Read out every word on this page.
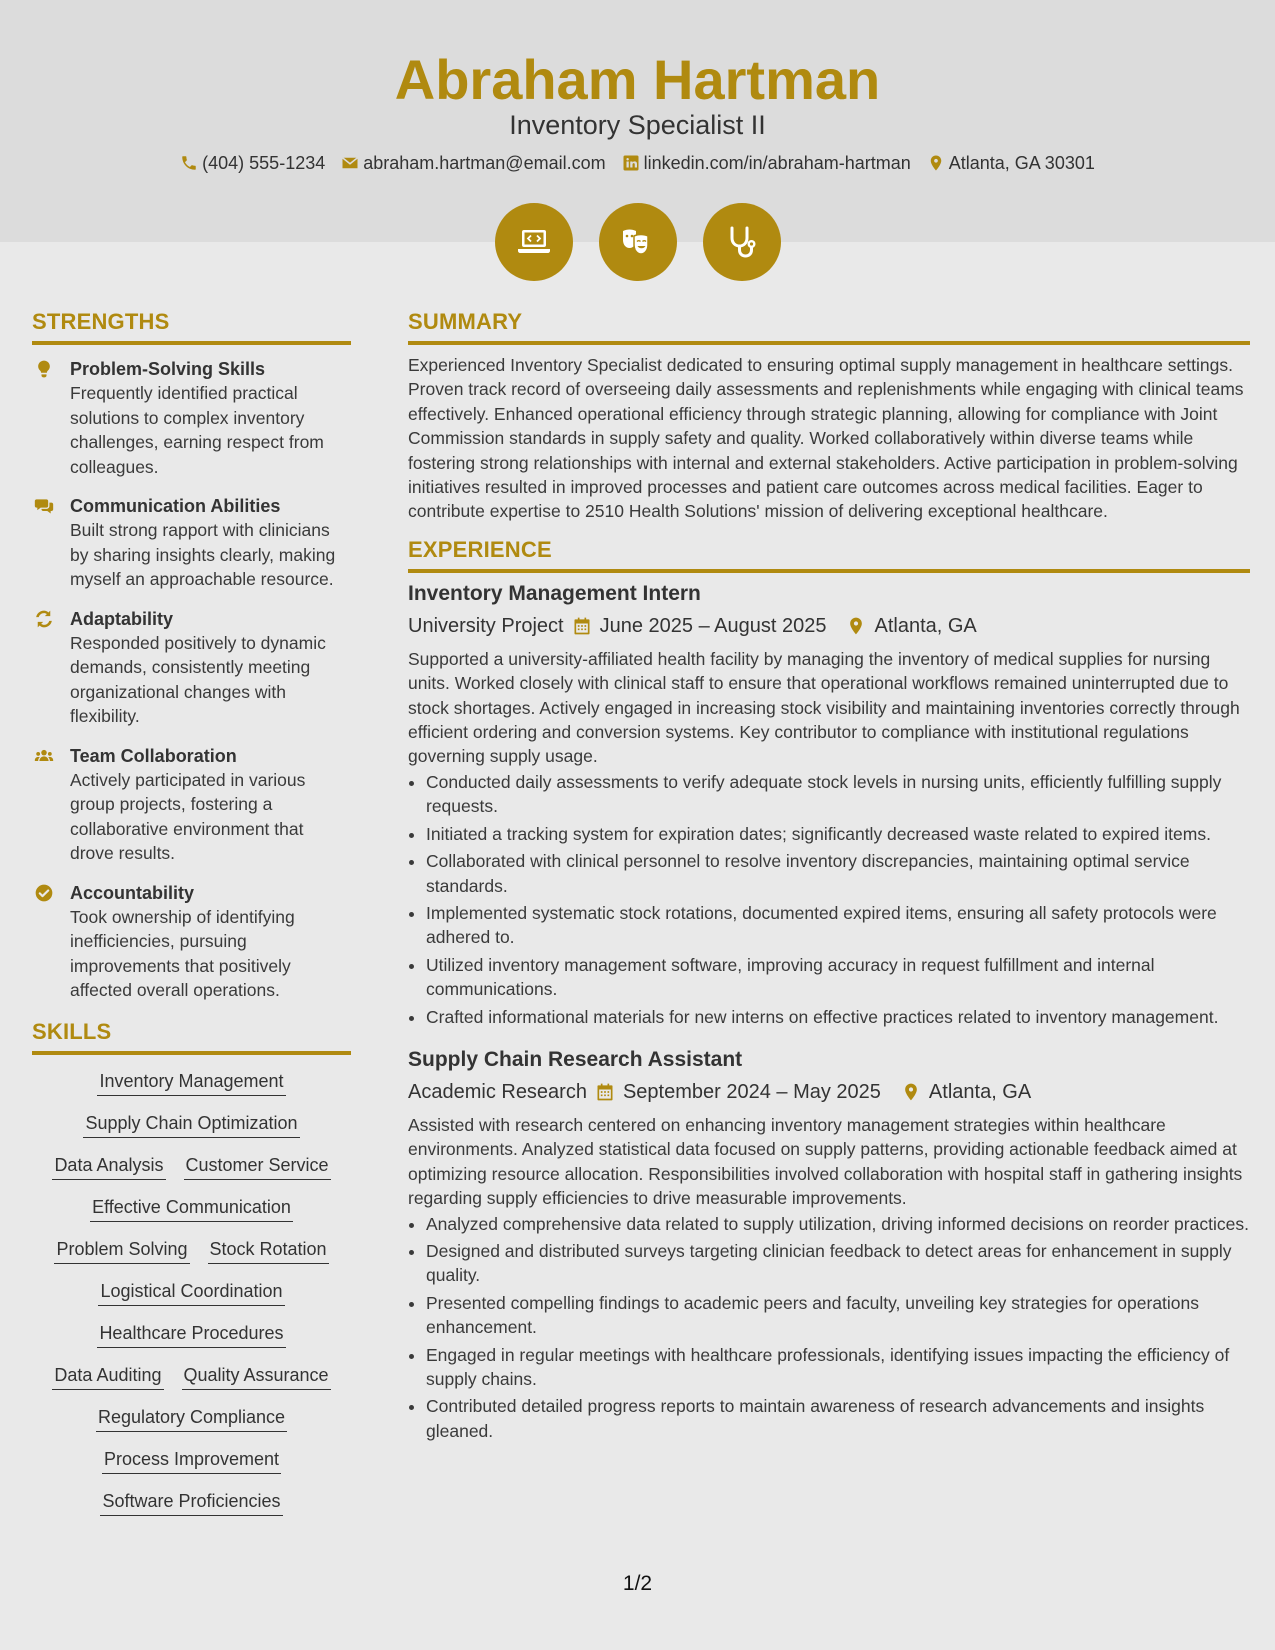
Abraham Hartman
Inventory Specialist II
(404) 555-1234 abraham.hartman@email.com linkedin.com/in/abraham-hartman Atlanta, GA 30301
STRENGTHS
Problem-Solving Skills
Frequently identified practical solutions to complex inventory challenges, earning respect from colleagues.
Communication Abilities
Built strong rapport with clinicians by sharing insights clearly, making myself an approachable resource.
Adaptability
Responded positively to dynamic demands, consistently meeting organizational changes with flexibility.
Team Collaboration
Actively participated in various group projects, fostering a collaborative environment that drove results.
Accountability
Took ownership of identifying inefficiencies, pursuing improvements that positively affected overall operations.
SKILLS
Inventory Management
Supply Chain Optimization
Data Analysis Customer Service
Effective Communication
Problem Solving Stock Rotation
Logistical Coordination
Healthcare Procedures
Data Auditing Quality Assurance
Regulatory Compliance
Process Improvement
Software Proficiencies
SUMMARY
Experienced Inventory Specialist dedicated to ensuring optimal supply management in healthcare settings. Proven track record of overseeing daily assessments and replenishments while engaging with clinical teams effectively. Enhanced operational efficiency through strategic planning, allowing for compliance with Joint Commission standards in supply safety and quality. Worked collaboratively within diverse teams while fostering strong relationships with internal and external stakeholders. Active participation in problem-solving initiatives resulted in improved processes and patient care outcomes across medical facilities. Eager to contribute expertise to 2510 Health Solutions' mission of delivering exceptional healthcare.
EXPERIENCE
Inventory Management Intern
University Project June 2025 – August 2025 Atlanta, GA
Supported a university-affiliated health facility by managing the inventory of medical supplies for nursing units. Worked closely with clinical staff to ensure that operational workflows remained uninterrupted due to stock shortages. Actively engaged in increasing stock visibility and maintaining inventories correctly through efficient ordering and conversion systems. Key contributor to compliance with institutional regulations governing supply usage.
• Conducted daily assessments to verify adequate stock levels in nursing units, efficiently fulfilling supply requests.
• Initiated a tracking system for expiration dates; significantly decreased waste related to expired items.
• Collaborated with clinical personnel to resolve inventory discrepancies, maintaining optimal service standards.
• Implemented systematic stock rotations, documented expired items, ensuring all safety protocols were adhered to.
• Utilized inventory management software, improving accuracy in request fulfillment and internal communications.
• Crafted informational materials for new interns on effective practices related to inventory management.
Supply Chain Research Assistant
Academic Research September 2024 – May 2025 Atlanta, GA
Assisted with research centered on enhancing inventory management strategies within healthcare environments. Analyzed statistical data focused on supply patterns, providing actionable feedback aimed at optimizing resource allocation. Responsibilities involved collaboration with hospital staff in gathering insights regarding supply efficiencies to drive measurable improvements.
• Analyzed comprehensive data related to supply utilization, driving informed decisions on reorder practices.
• Designed and distributed surveys targeting clinician feedback to detect areas for enhancement in supply quality.
• Presented compelling findings to academic peers and faculty, unveiling key strategies for operations enhancement.
• Engaged in regular meetings with healthcare professionals, identifying issues impacting the efficiency of supply chains.
• Contributed detailed progress reports to maintain awareness of research advancements and insights gleaned.
1/2
